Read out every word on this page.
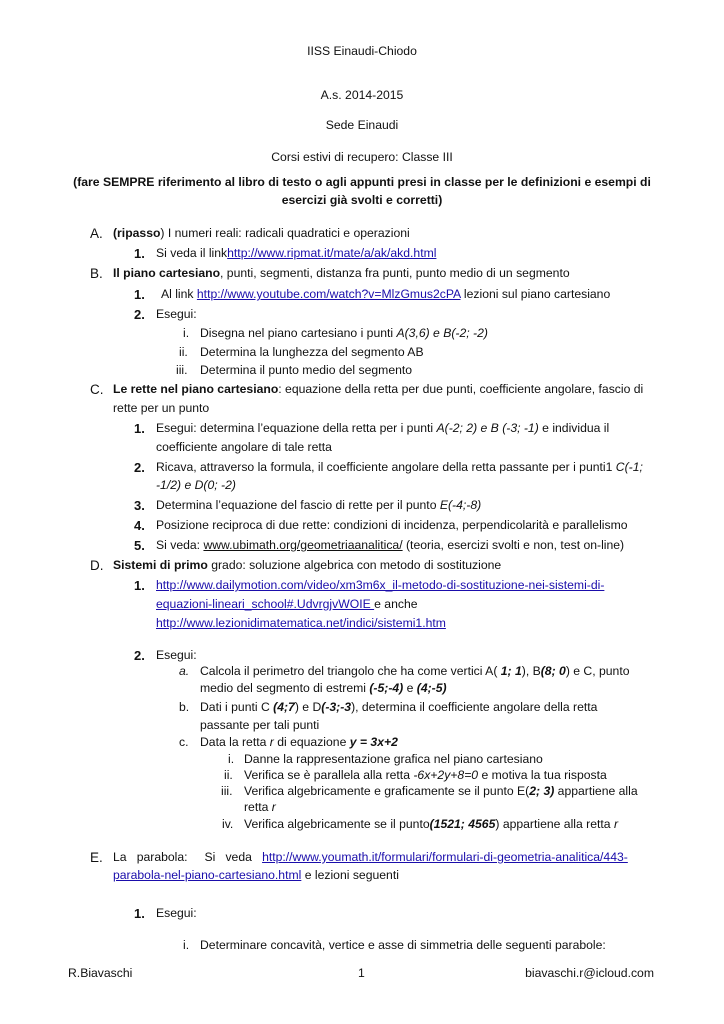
IISS Einaudi-Chiodo
A.s. 2014-2015
Sede Einaudi
Corsi estivi di recupero: Classe III
(fare SEMPRE riferimento al libro di testo o agli appunti presi in classe per le definizioni e esempi di
esercizi già svolti e corretti)
A. (ripasso) I numeri reali: radicali quadratici e operazioni
1. Si veda il linkhttp://www.ripmat.it/mate/a/ak/akd.html
B. Il piano cartesiano, punti, segmenti, distanza fra punti, punto medio di un segmento
1. Al link http://www.youtube.com/watch?v=MlzGmus2cPA lezioni sul piano cartesiano
2. Esegui:
i. Disegna nel piano cartesiano i punti A(3,6) e B(-2; -2)
ii. Determina la lunghezza del segmento AB
iii. Determina il punto medio del segmento
C. Le rette nel piano cartesiano: equazione della retta per due punti, coefficiente angolare, fascio di
rette per un punto
1. Esegui: determina l’equazione della retta per i punti A(-2; 2) e B (-3; -1) e individua il
coefficiente angolare di tale retta
2. Ricava, attraverso la formula, il coefficiente angolare della retta passante per i punti1 C(-1;
-1/2) e D(0; -2)
3. Determina l’equazione del fascio di rette per il punto E(-4;-8)
4. Posizione reciproca di due rette: condizioni di incidenza, perpendicolarità e parallelismo
5. Si veda: www.ubimath.org/geometriaanalitica/ (teoria, esercizi svolti e non, test on-line)
D. Sistemi di primo grado: soluzione algebrica con metodo di sostituzione
1. http://www.dailymotion.com/video/xm3m6x_il-metodo-di-sostituzione-nei-sistemi-di-
equazioni-lineari_school#.UdvrgjvWOIE e anche
http://www.lezionidimatematica.net/indici/sistemi1.htm
2. Esegui:
a. Calcola il perimetro del triangolo che ha come vertici A( 1; 1), B(8; 0) e C, punto
medio del segmento di estremi (-5;-4) e (4;-5)
b. Dati i punti C (4;7) e D(-3;-3), determina il coefficiente angolare della retta
passante per tali punti
c. Data la retta r di equazione y = 3x+2
i. Danne la rappresentazione grafica nel piano cartesiano
ii. Verifica se è parallela alla retta -6x+2y+8=0 e motiva la tua risposta
iii. Verifica algebricamente e graficamente se il punto E(2; 3) appartiene alla
retta r
iv. Verifica algebricamente se il punto(1521; 4565) appartiene alla retta r
E. La   parabola:     Si   veda   http://www.youmath.it/formulari/formulari-di-geometria-analitica/443-
parabola-nel-piano-cartesiano.html e lezioni seguenti
1. Esegui:
i. Determinare concavità, vertice e asse di simmetria delle seguenti parabole:
R.Biavaschi	1	biavaschi.r@icloud.com
